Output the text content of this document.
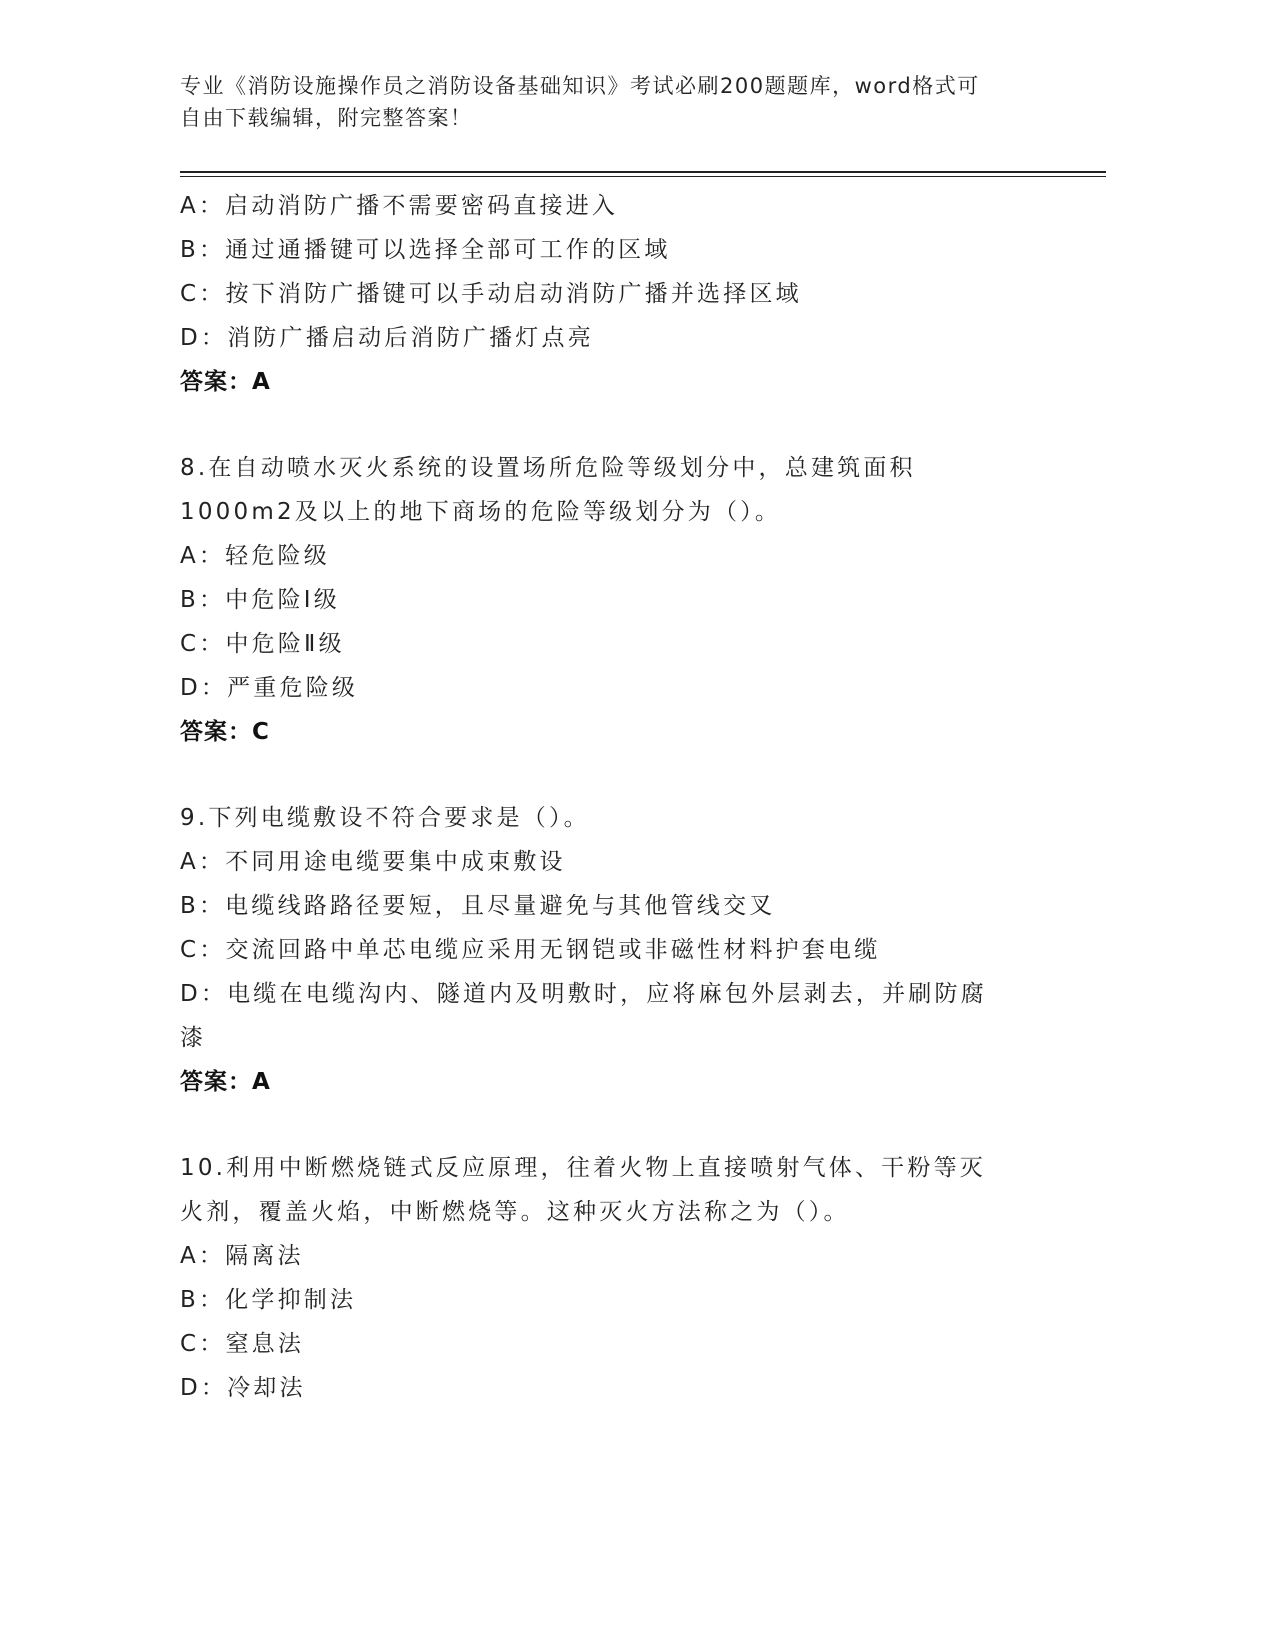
专业《消防设施操作员之消防设备基础知识》考试必刷200题题库，word格式可
自由下载编辑，附完整答案！
A：启动消防广播不需要密码直接进入
B：通过通播键可以选择全部可工作的区域
C：按下消防广播键可以手动启动消防广播并选择区域
D：消防广播启动后消防广播灯点亮
答案：A
8.在自动喷水灭火系统的设置场所危险等级划分中，总建筑面积
1000m2及以上的地下商场的危险等级划分为（）。
A：轻危险级
B：中危险Ⅰ级
C：中危险Ⅱ级
D：严重危险级
答案：C
9.下列电缆敷设不符合要求是（）。
A：不同用途电缆要集中成束敷设
B：电缆线路路径要短，且尽量避免与其他管线交叉
C：交流回路中单芯电缆应采用无钢铠或非磁性材料护套电缆
D：电缆在电缆沟内、隧道内及明敷时，应将麻包外层剥去，并刷防腐
漆
答案：A
10.利用中断燃烧链式反应原理，往着火物上直接喷射气体、干粉等灭
火剂，覆盖火焰，中断燃烧等。这种灭火方法称之为（）。
A：隔离法
B：化学抑制法
C：窒息法
D：冷却法
